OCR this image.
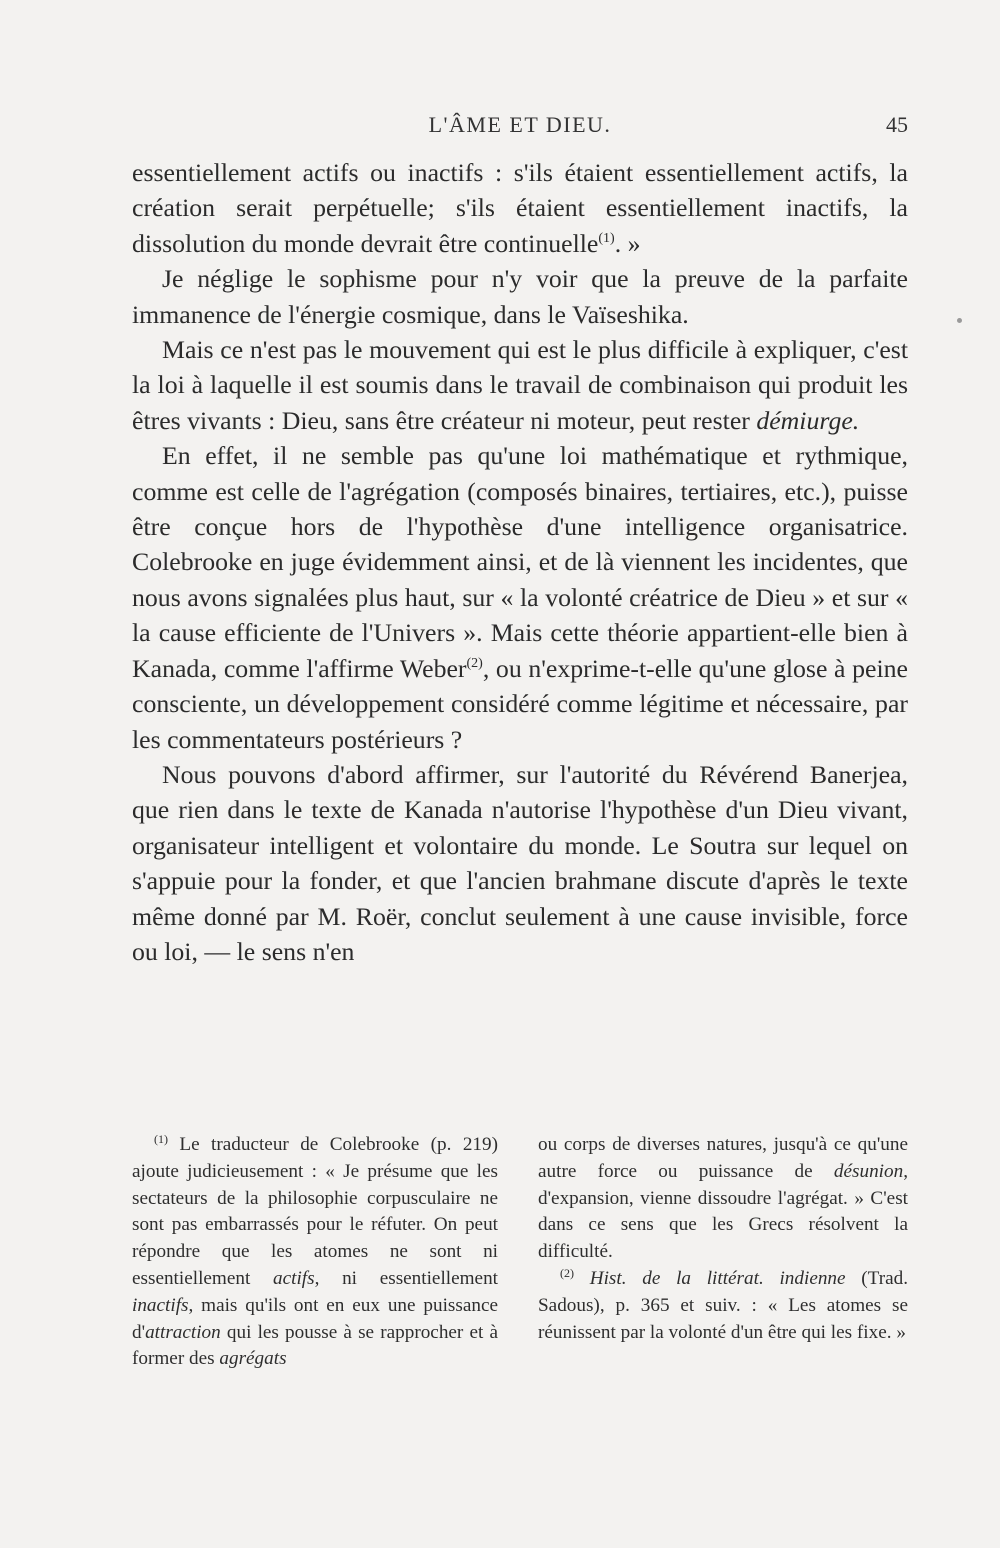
L'ÂME ET DIEU.	45

essentiellement actifs ou inactifs : s'ils étaient essentiellement actifs, la création serait perpétuelle; s'ils étaient essentiellement inactifs, la dissolution du monde devrait être continuelle$^{(1)}$. »

Je néglige le sophisme pour n'y voir que la preuve de la parfaite immanence de l'énergie cosmique, dans le Vaïseshika.

Mais ce n'est pas le mouvement qui est le plus difficile à expliquer, c'est la loi à laquelle il est soumis dans le travail de combinaison qui produit les êtres vivants : Dieu, sans être créateur ni moteur, peut rester démiurge.

En effet, il ne semble pas qu'une loi mathématique et rythmique, comme est celle de l'agrégation (composés binaires, tertiaires, etc.), puisse être conçue hors de l'hypothèse d'une intelligence organisatrice. Colebrooke en juge évidemment ainsi, et de là viennent les incidentes, que nous avons signalées plus haut, sur « la volonté créatrice de Dieu » et sur « la cause efficiente de l'Univers ». Mais cette théorie appartient-elle bien à Kanada, comme l'affirme Weber$^{(2)}$, ou n'exprime-t-elle qu'une glose à peine consciente, un développement considéré comme légitime et nécessaire, par les commentateurs postérieurs ?

Nous pouvons d'abord affirmer, sur l'autorité du Révérend Banerjea, que rien dans le texte de Kanada n'autorise l'hypothèse d'un Dieu vivant, organisateur intelligent et volontaire du monde. Le Soutra sur lequel on s'appuie pour la fonder, et que l'ancien brahmane discute d'après le texte même donné par M. Roër, conclut seulement à une cause invisible, force ou loi, — le sens n'en

$^{(1)}$ Le traducteur de Colebrooke (p. 219) ajoute judicieusement : « Je présume que les sectateurs de la philosophie corpusculaire ne sont pas embarrassés pour le réfuter. On peut répondre que les atomes ne sont ni essentiellement actifs, ni essentiellement inactifs, mais qu'ils ont en eux une puissance d'attraction qui les pousse à se rapprocher et à former des agrégats

ou corps de diverses natures, jusqu'à ce qu'une autre force ou puissance de désunion, d'expansion, vienne dissoudre l'agrégat. » C'est dans ce sens que les Grecs résolvent la difficulté.

$^{(2)}$ Hist. de la littérat. indienne (Trad. Sadous), p. 365 et suiv. : « Les atomes se réunissent par la volonté d'un être qui les fixe. »
